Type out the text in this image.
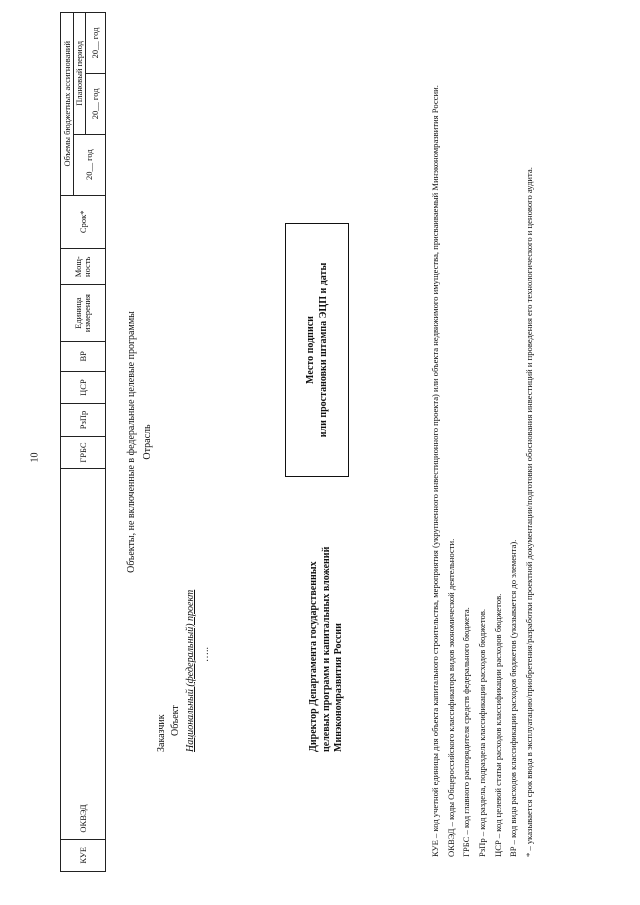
10
КУЕ	ОКВЭД	ГРБС	РзПр	ЦСР	ВР	Единица измерения	Мощ-ность	Срок*	Объемы бюджетных ассигнований		
									20__ год	Плановый период	
										20__ год	20__ год
Объекты, не включенные в федеральные целевые программы Отрасль
Заказчик Объект Национальный (федеральный) проект …..	Директор Департамента государственных целевых программ и капитальных вложений Минэкономразвития России
Место подписи или простановки штампа ЭЦП и даты	КУЕ – код учетной единицы для объекта капитального строительства, мероприятия (укрупненного инвестиционного проекта) или объекта недвижимого имущества, присваиваемый Минэкономразвития России. ОКВЭД – коды Общероссийского классификатора видов экономической деятельности. ГРБС – код главного распорядителя средств федерального бюджета. РзПр – код раздела, подраздела классификации расходов бюджетов. ЦСР – код целевой статьи расходов классификации расходов бюджетов. ВР – код вида расходов классификации расходов бюджетов (указывается до элемента). * – указывается срок ввода в эксплуатацию/приобретения/разработки проектной документации/подготовки обоснования инвестиций и проведения его технологического и ценового аудита.
